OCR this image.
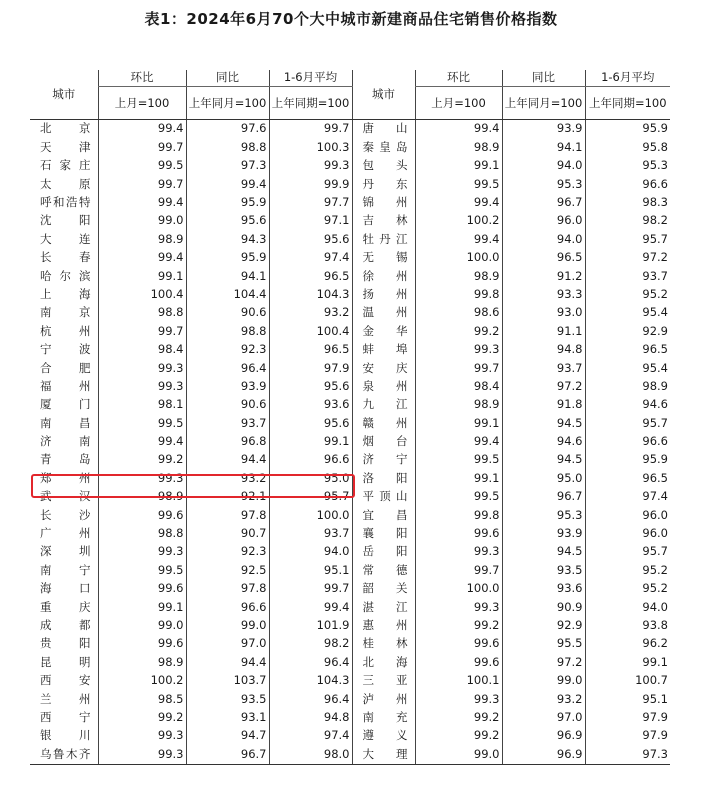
表1：2024年6月70个大中城市新建商品住宅销售价格指数
城市	环比	同比	1-6月平均	城市	环比	同比	1-6月平均
	上月=100	上年同月=100	上年同期=100		上月=100	上年同月=100	上年同期=100
北京	99.4	97.6	99.7	唐山	99.4	93.9	95.9
天津	99.7	98.8	100.3	秦皇岛	98.9	94.1	95.8
石家庄	99.5	97.3	99.3	包头	99.1	94.0	95.3
太原	99.7	99.4	99.9	丹东	99.5	95.3	96.6
呼和浩特	99.4	95.9	97.7	锦州	99.4	96.7	98.3
沈阳	99.0	95.6	97.1	吉林	100.2	96.0	98.2
大连	98.9	94.3	95.6	牡丹江	99.4	94.0	95.7
长春	99.4	95.9	97.4	无锡	100.0	96.5	97.2
哈尔滨	99.1	94.1	96.5	徐州	98.9	91.2	93.7
上海	100.4	104.4	104.3	扬州	99.8	93.3	95.2
南京	98.8	90.6	93.2	温州	98.6	93.0	95.4
杭州	99.7	98.8	100.4	金华	99.2	91.1	92.9
宁波	98.4	92.3	96.5	蚌埠	99.3	94.8	96.5
合肥	99.3	96.4	97.9	安庆	99.7	93.7	95.4
福州	99.3	93.9	95.6	泉州	98.4	97.2	98.9
厦门	98.1	90.6	93.6	九江	98.9	91.8	94.6
南昌	99.5	93.7	95.6	赣州	99.1	94.5	95.7
济南	99.4	96.8	99.1	烟台	99.4	94.6	96.6
青岛	99.2	94.4	96.6	济宁	99.5	94.5	95.9
郑州	99.3	93.2	95.0	洛阳	99.1	95.0	96.5
武汉	98.9	92.1	95.7	平顶山	99.5	96.7	97.4
长沙	99.6	97.8	100.0	宜昌	99.8	95.3	96.0
广州	98.8	90.7	93.7	襄阳	99.6	93.9	96.0
深圳	99.3	92.3	94.0	岳阳	99.3	94.5	95.7
南宁	99.5	92.5	95.1	常德	99.7	93.5	95.2
海口	99.6	97.8	99.7	韶关	100.0	93.6	95.2
重庆	99.1	96.6	99.4	湛江	99.3	90.9	94.0
成都	99.0	99.0	101.9	惠州	99.2	92.9	93.8
贵阳	99.6	97.0	98.2	桂林	99.6	95.5	96.2
昆明	98.9	94.4	96.4	北海	99.6	97.2	99.1
西安	100.2	103.7	104.3	三亚	100.1	99.0	100.7
兰州	98.5	93.5	96.4	泸州	99.3	93.2	95.1
西宁	99.2	93.1	94.8	南充	99.2	97.0	97.9
银川	99.3	94.7	97.4	遵义	99.2	96.9	97.9
乌鲁木齐	99.3	96.7	98.0	大理	99.0	96.9	97.3
